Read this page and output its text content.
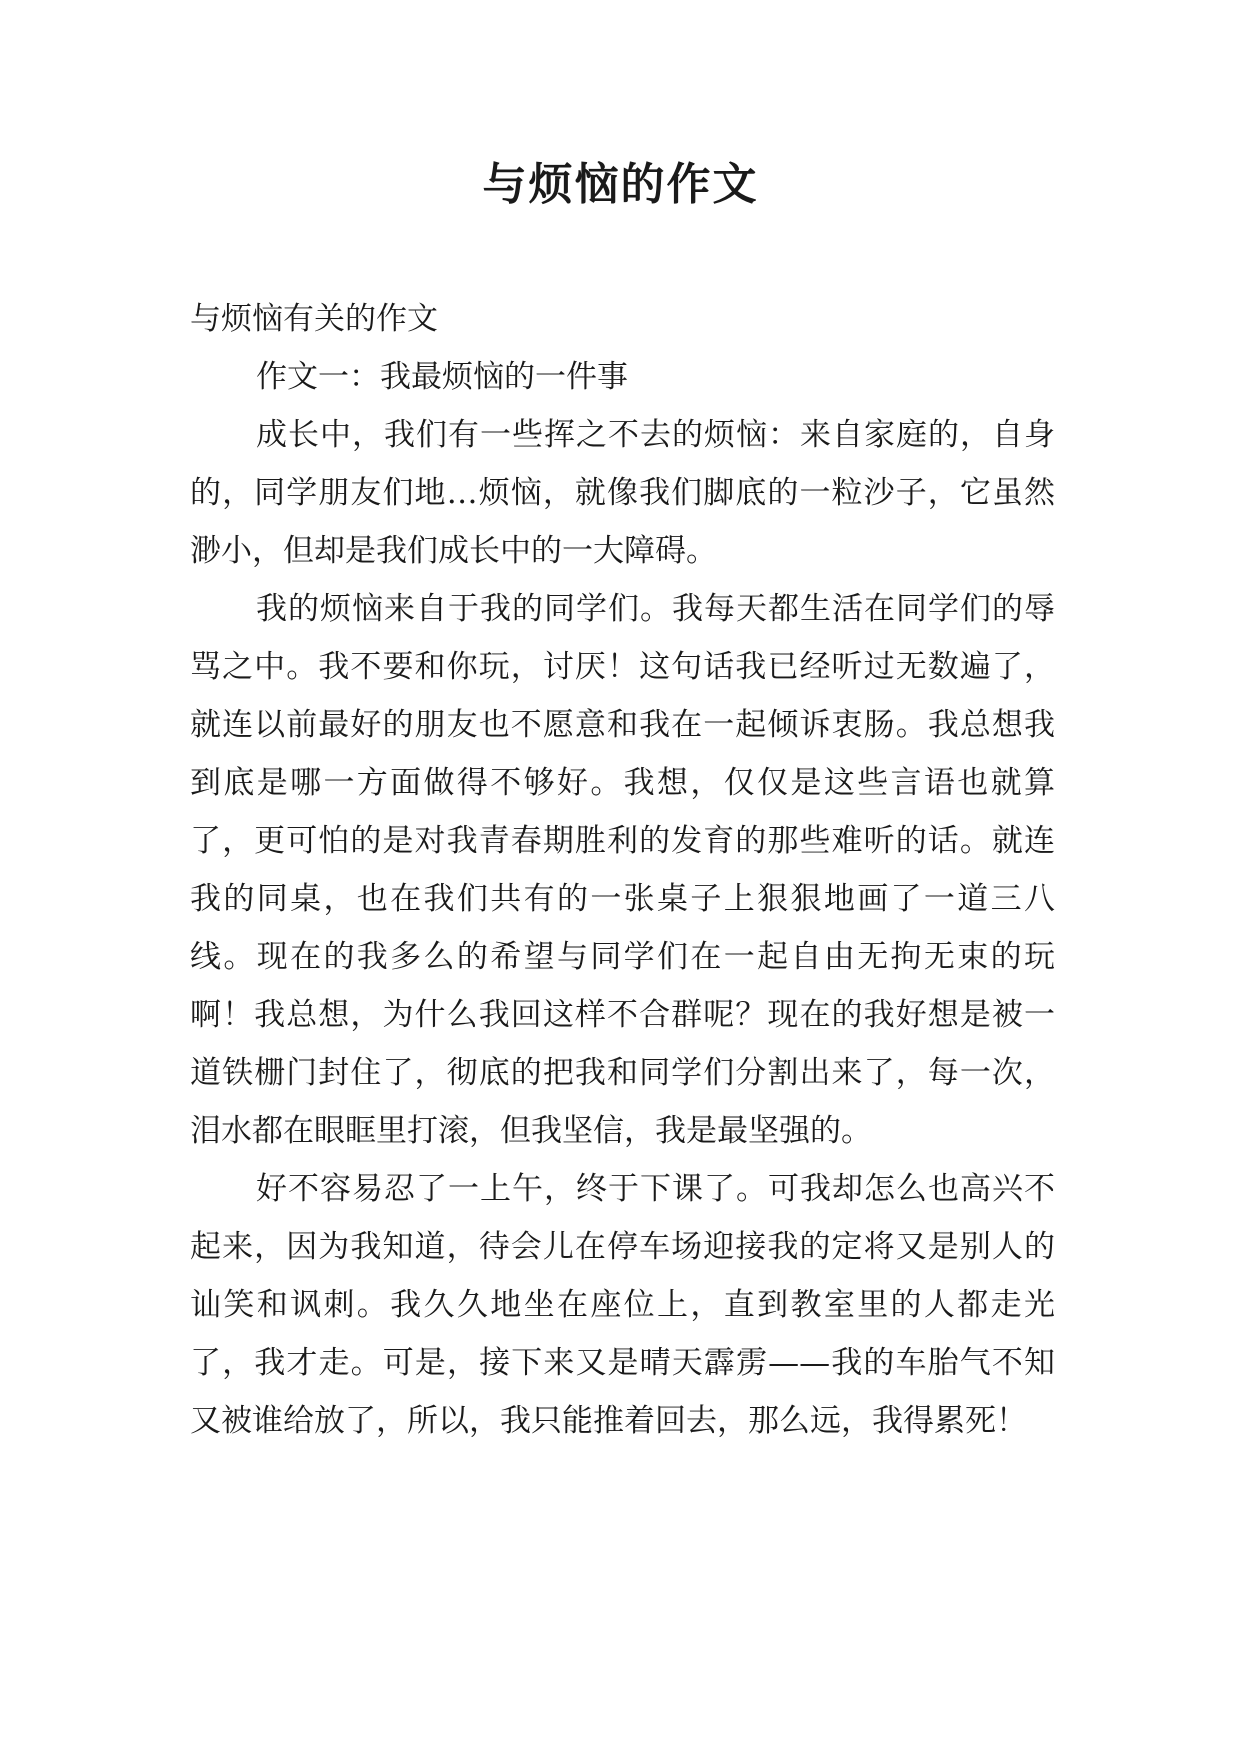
与烦恼的作文

与烦恼有关的作文

作文一：我最烦恼的一件事

成长中，我们有一些挥之不去的烦恼：来自家庭的，自身的，同学朋友们地…烦恼，就像我们脚底的一粒沙子，它虽然渺小，但却是我们成长中的一大障碍。

我的烦恼来自于我的同学们。我每天都生活在同学们的辱骂之中。我不要和你玩，讨厌！这句话我已经听过无数遍了，就连以前最好的朋友也不愿意和我在一起倾诉衷肠。我总想我到底是哪一方面做得不够好。我想，仅仅是这些言语也就算了，更可怕的是对我青春期胜利的发育的那些难听的话。就连我的同桌，也在我们共有的一张桌子上狠狠地画了一道三八线。现在的我多么的希望与同学们在一起自由无拘无束的玩啊！我总想，为什么我回这样不合群呢？现在的我好想是被一道铁栅门封住了，彻底的把我和同学们分割出来了，每一次，泪水都在眼眶里打滚，但我坚信，我是最坚强的。

好不容易忍了一上午，终于下课了。可我却怎么也高兴不起来，因为我知道，待会儿在停车场迎接我的定将又是别人的讪笑和讽刺。我久久地坐在座位上，直到教室里的人都走光了，我才走。可是，接下来又是晴天霹雳——我的车胎气不知又被谁给放了，所以，我只能推着回去，那么远，我得累死！
